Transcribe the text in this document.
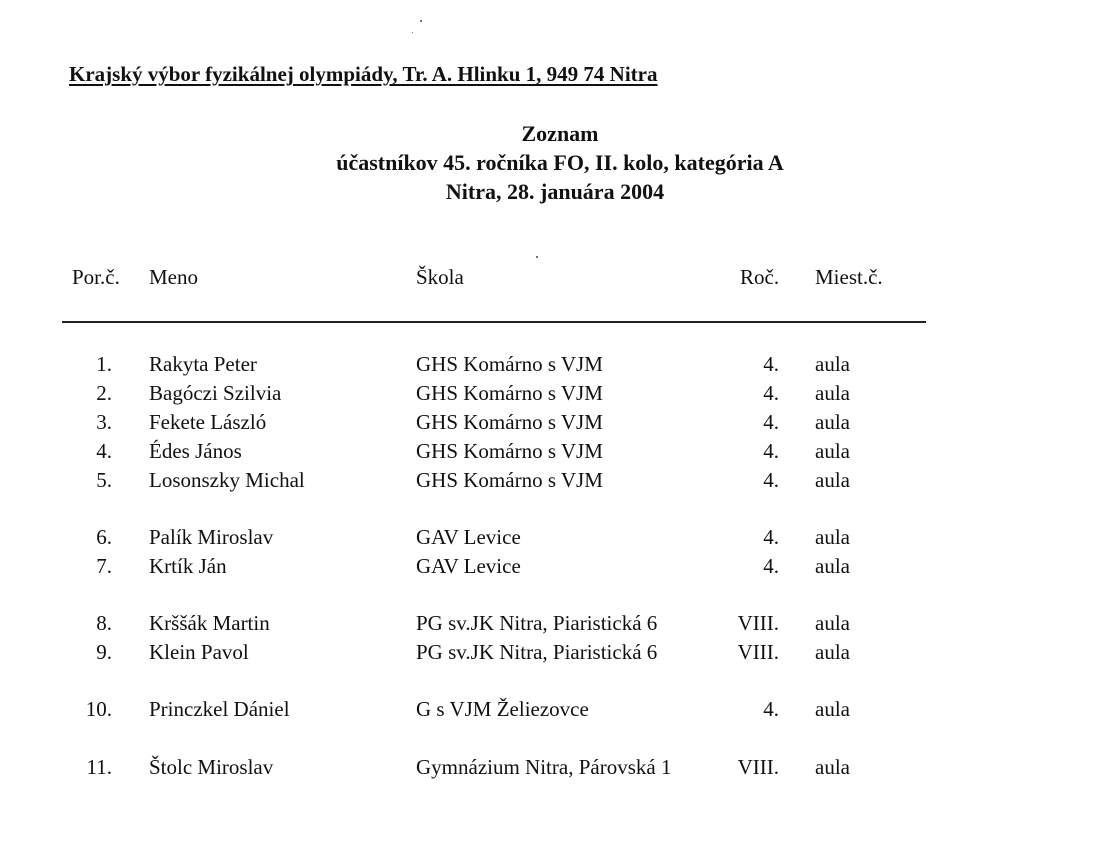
Krajský výbor fyzikálnej olympiády, Tr. A. Hlinku 1, 949 74 Nitra
Zoznam
účastníkov 45. ročníka FO, II. kolo, kategória A
Nitra, 28. januára 2004
Por.č. Meno	Škola	Roč. Miest.č.
1. Rakyta Peter	GHS Komárno s VJM	4. aula
2. Bagóczi Szilvia	GHS Komárno s VJM	4. aula
3. Fekete László	GHS Komárno s VJM	4. aula
4. Édes János	GHS Komárno s VJM	4. aula
5. Losonszky Michal	GHS Komárno s VJM	4. aula
6. Palík Miroslav	GAV Levice	4. aula
7. Krtík Ján	GAV Levice	4. aula
8. Krššák Martin	PG sv.JK Nitra, Piaristická 6	VIII. aula
9. Klein Pavol	PG sv.JK Nitra, Piaristická 6	VIII. aula
10. Princzkel Dániel	G s VJM Želiezovce	4. aula
11. Štolc Miroslav	Gymnázium Nitra, Párovská 1	VIII. aula
